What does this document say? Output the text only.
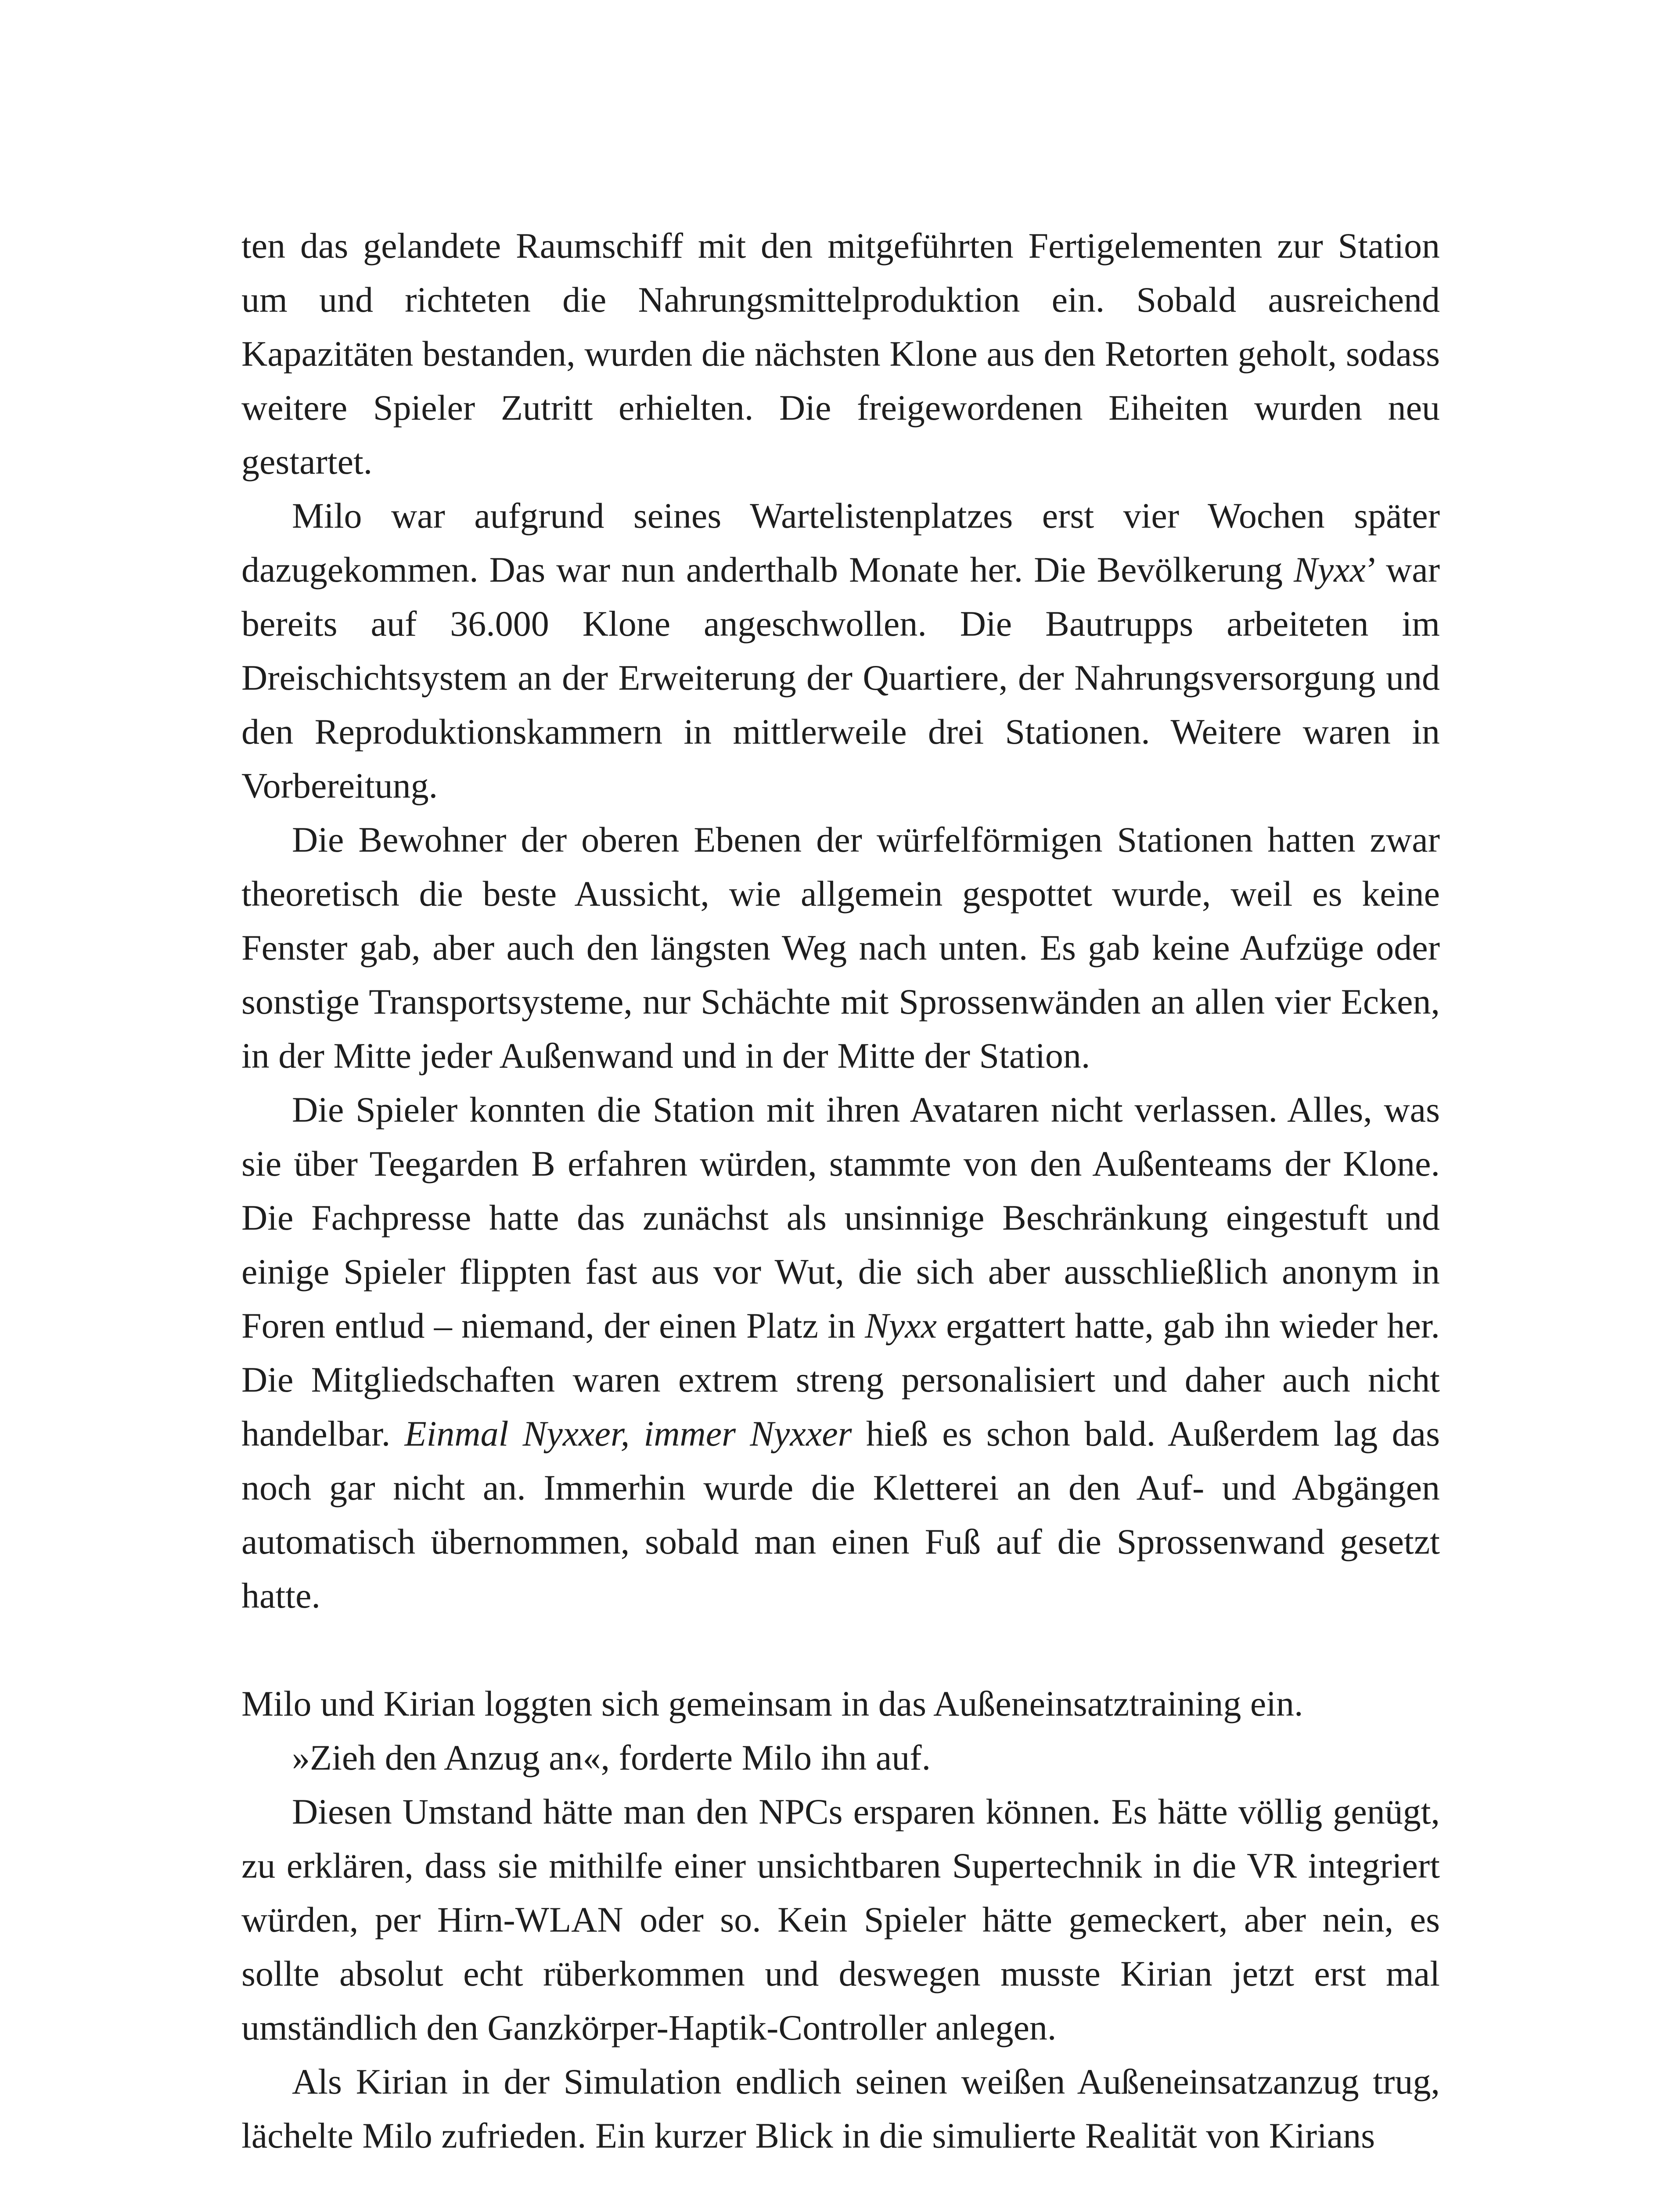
ten das gelandete Raumschiff mit den mitgeführten Fertigelementen zur Station um und richteten die Nahrungsmittelproduktion ein. Sobald ausreichend Kapazitäten bestanden, wurden die nächsten Klone aus den Retorten geholt, sodass weitere Spieler Zutritt erhielten. Die freigewordenen Eiheiten wurden neu gestartet.

Milo war aufgrund seines Wartelistenplatzes erst vier Wochen später dazugekommen. Das war nun anderthalb Monate her. Die Bevölkerung Nyxx’ war bereits auf 36.000 Klone angeschwollen. Die Bautrupps arbeiteten im Dreischichtsystem an der Erweiterung der Quartiere, der Nahrungsversorgung und den Reproduktionskammern in mittlerweile drei Stationen. Weitere waren in Vorbereitung.

Die Bewohner der oberen Ebenen der würfelförmigen Stationen hatten zwar theoretisch die beste Aussicht, wie allgemein gespottet wurde, weil es keine Fenster gab, aber auch den längsten Weg nach unten. Es gab keine Aufzüge oder sonstige Transportsysteme, nur Schächte mit Sprossenwänden an allen vier Ecken, in der Mitte jeder Außenwand und in der Mitte der Station.

Die Spieler konnten die Station mit ihren Avataren nicht verlassen. Alles, was sie über Teegarden B erfahren würden, stammte von den Außenteams der Klone. Die Fachpresse hatte das zunächst als unsinnige Beschränkung eingestuft und einige Spieler flippten fast aus vor Wut, die sich aber ausschließlich anonym in Foren entlud – niemand, der einen Platz in Nyxx ergattert hatte, gab ihn wieder her. Die Mitgliedschaften waren extrem streng personalisiert und daher auch nicht handelbar. Einmal Nyxxer, immer Nyxxer hieß es schon bald. Außerdem lag das noch gar nicht an. Immerhin wurde die Kletterei an den Auf- und Abgängen automatisch übernommen, sobald man einen Fuß auf die Sprossenwand gesetzt hatte.

Milo und Kirian loggten sich gemeinsam in das Außeneinsatztraining ein.

»Zieh den Anzug an«, forderte Milo ihn auf.

Diesen Umstand hätte man den NPCs ersparen können. Es hätte völlig genügt, zu erklären, dass sie mithilfe einer unsichtbaren Supertechnik in die VR integriert würden, per Hirn-WLAN oder so. Kein Spieler hätte gemeckert, aber nein, es sollte absolut echt rüberkommen und deswegen musste Kirian jetzt erst mal umständlich den Ganzkörper-Haptik-Controller anlegen.

Als Kirian in der Simulation endlich seinen weißen Außeneinsatzanzug trug, lächelte Milo zufrieden. Ein kurzer Blick in die simulierte Realität von Kirians
